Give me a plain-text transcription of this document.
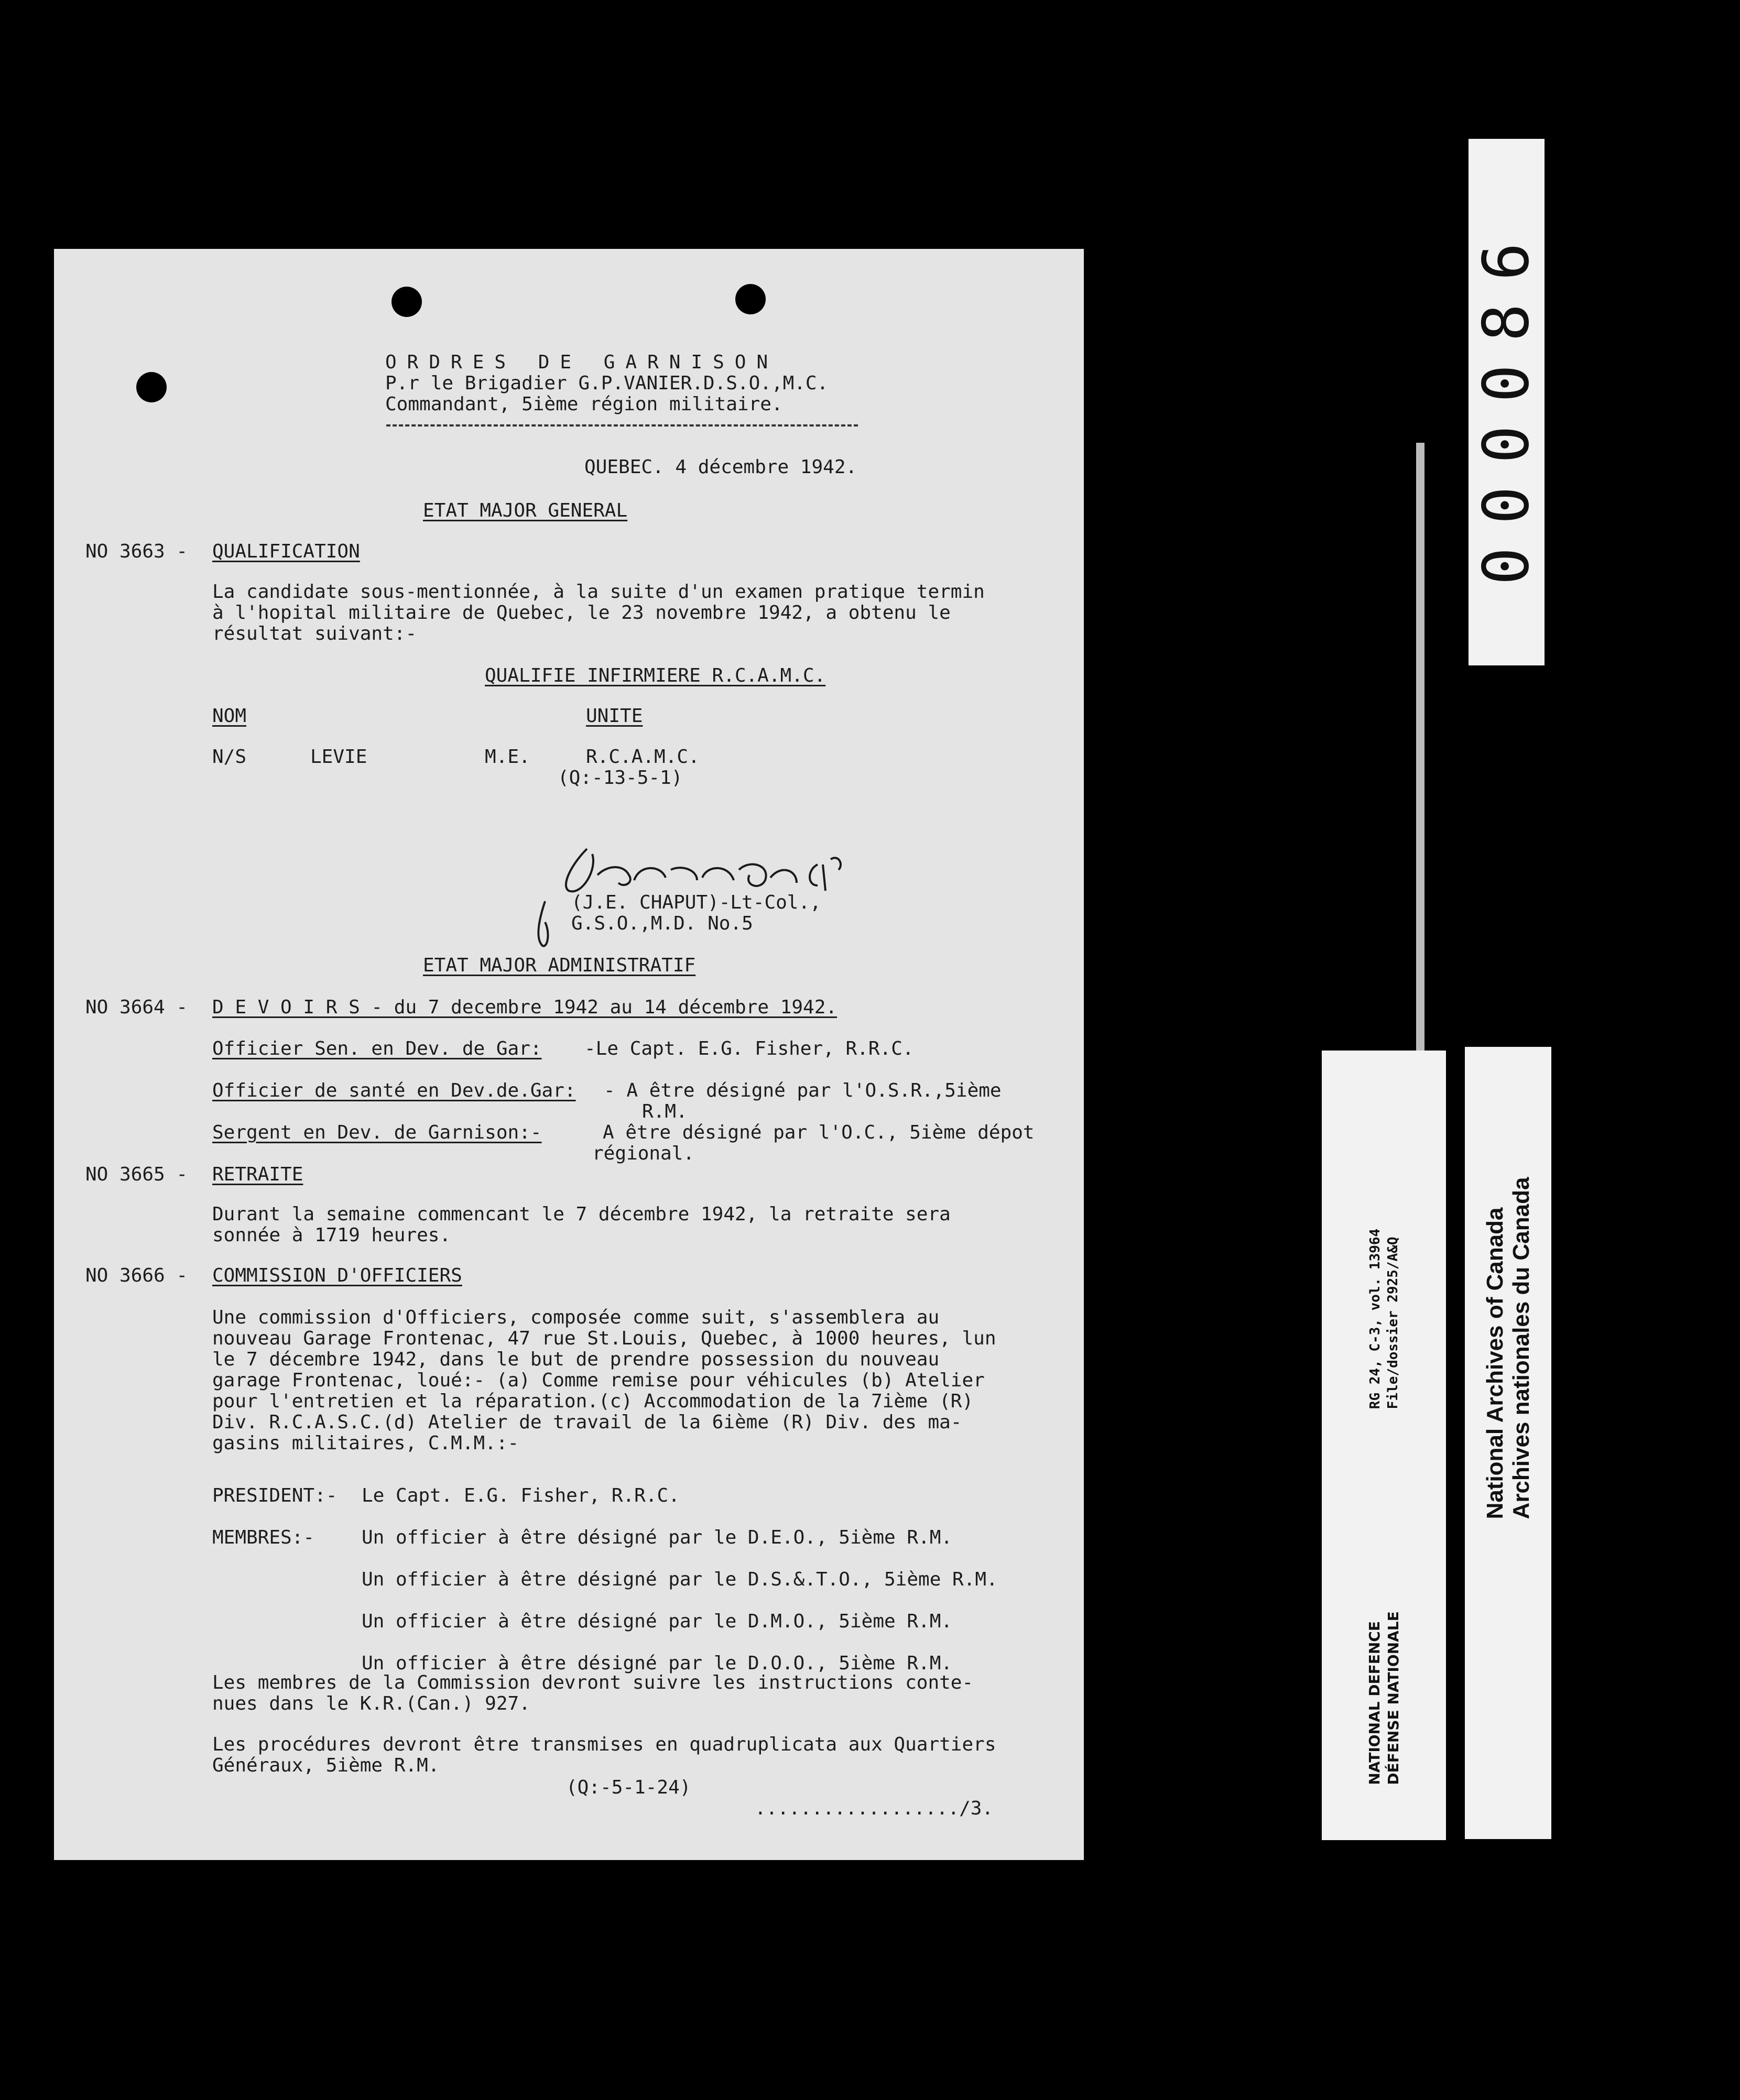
ORDRES DE GARNISON
P.r le Brigadier G.P.VANIER.D.S.O.,M.C.
Commandant, 5ième région militaire.
QUEBEC. 4 décembre 1942.
ETAT MAJOR GENERAL
NO 3663 - QUALIFICATION
La candidate sous-mentionnée, à la suite d'un examen pratique termin
à l'hopital militaire de Quebec, le 23 novembre 1942, a obtenu le
résultat suivant:-
QUALIFIE INFIRMIERE R.C.A.M.C.
NOM	UNITE
N/S	LEVIE	M.E.	R.C.A.M.C.
(Q:-13-5-1)
(J.E. CHAPUT)-Lt-Col.,
G.S.O.,M.D. No.5
ETAT MAJOR ADMINISTRATIF
NO 3664 - D E V O I R S - du 7 decembre 1942 au 14 décembre 1942.
Officier Sen. en Dev. de Gar: -Le Capt. E.G. Fisher, R.R.C.
Officier de santé en Dev.de.Gar: - A être désigné par l'O.S.R.,5ième
R.M.
Sergent en Dev. de Garnison:-	A être désigné par l'O.C., 5ième dépot
régional.
NO 3665 - RETRAITE
Durant la semaine commencant le 7 décembre 1942, la retraite sera
sonnée à 1719 heures.
NO 3666 - COMMISSION D'OFFICIERS
Une commission d'Officiers, composée comme suit, s'assemblera au
nouveau Garage Frontenac, 47 rue St.Louis, Quebec, à 1000 heures, lun
le 7 décembre 1942, dans le but de prendre possession du nouveau
garage Frontenac, loué:- (a) Comme remise pour véhicules (b) Atelier
pour l'entretien et la réparation.(c) Accommodation de la 7ième (R)
Div. R.C.A.S.C.(d) Atelier de travail de la 6ième (R) Div. des ma-
gasins militaires, C.M.M.:-
PRESIDENT:- Le Capt. E.G. Fisher, R.R.C.
MEMBRES:- Un officier à être désigné par le D.E.O., 5ième R.M.
Un officier à être désigné par le D.S.&.T.O., 5ième R.M.
Un officier à être désigné par le D.M.O., 5ième R.M.
Un officier à être désigné par le D.O.O., 5ième R.M.
Les membres de la Commission devront suivre les instructions conte-
nues dans le K.R.(Can.) 927.
Les procédures devront être transmises en quadruplicata aux Quartiers
Généraux, 5ième R.M.
(Q:-5-1-24)
................../3.
000086
RG 24, C-3, vol. 13964 File/dossier 2925/A&Q
NATIONAL DEFENCE DÉFENSE NATIONALE
National Archives of Canada Archives nationales du Canada
